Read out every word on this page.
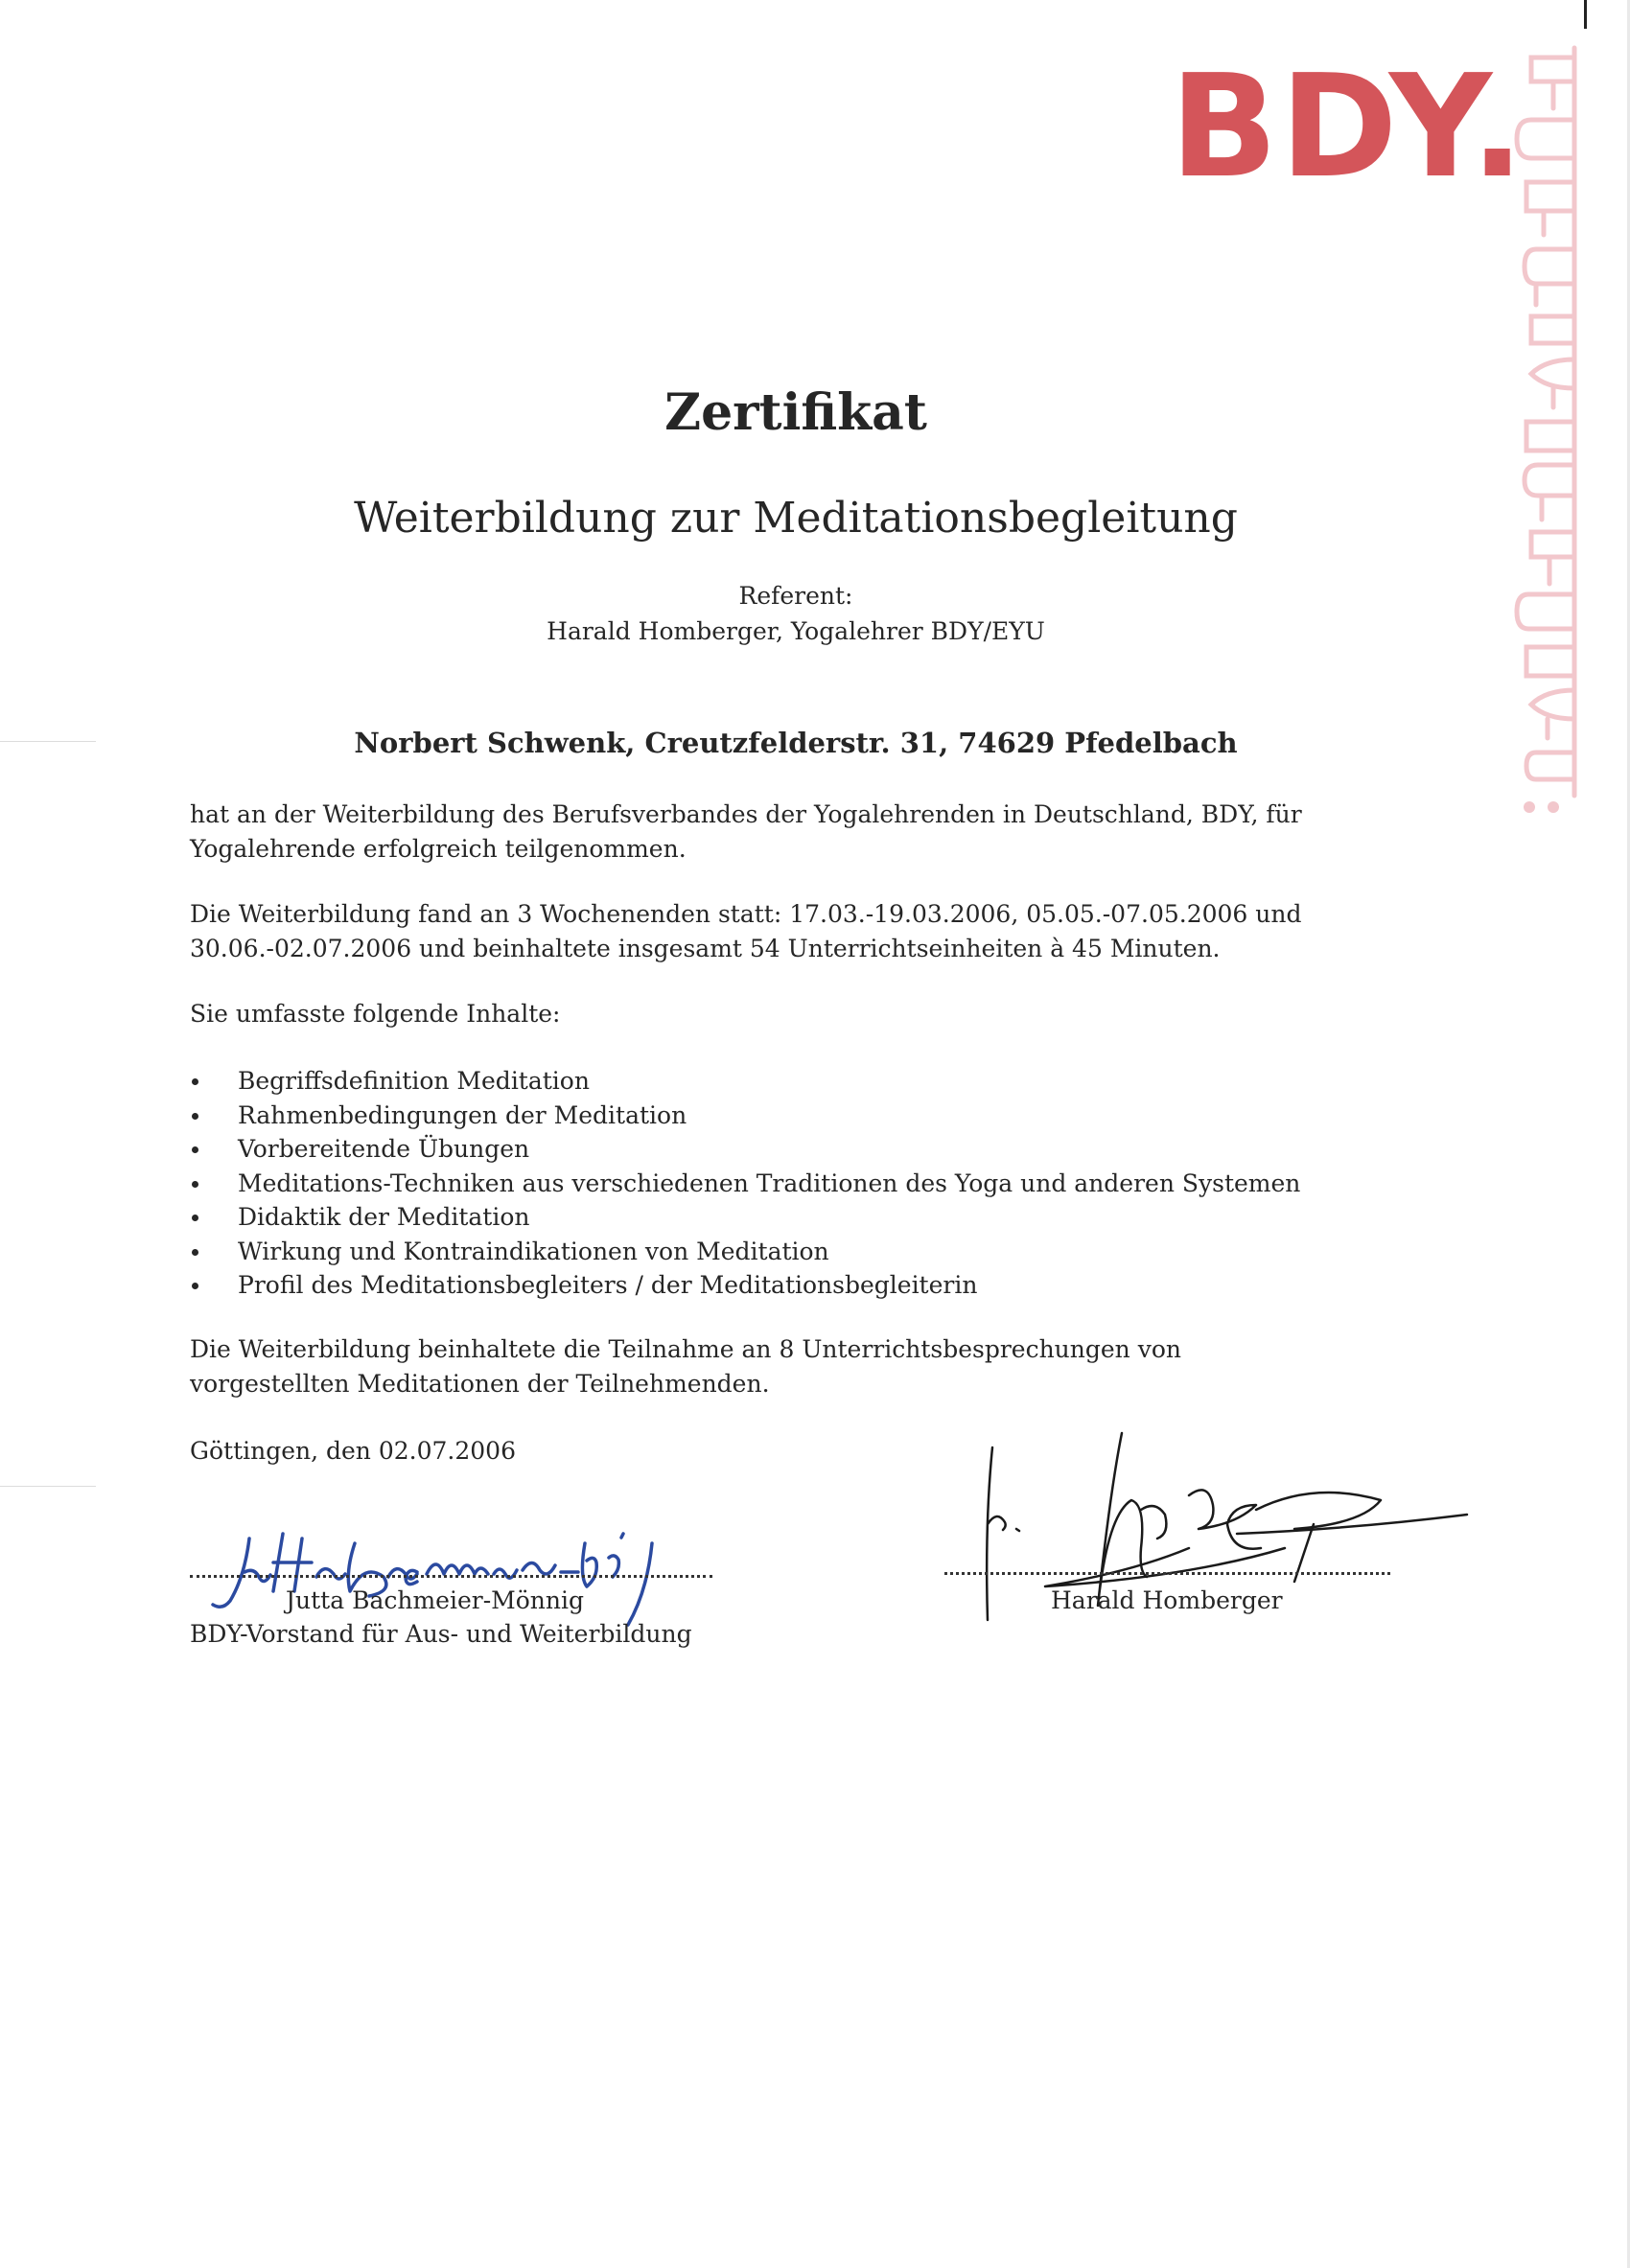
BDY.
Zertifikat
Weiterbildung zur Meditationsbegleitung
Referent:
Harald Homberger, Yogalehrer BDY/EYU
Norbert Schwenk, Creutzfelderstr. 31, 74629 Pfedelbach

hat an der Weiterbildung des Berufsverbandes der Yogalehrenden in Deutschland, BDY, für Yogalehrende erfolgreich teilgenommen.

Die Weiterbildung fand an 3 Wochenenden statt: 17.03.-19.03.2006, 05.05.-07.05.2006 und 30.06.-02.07.2006 und beinhaltete insgesamt 54 Unterrichtseinheiten à 45 Minuten.

Sie umfasste folgende Inhalte:

Begriffsdefinition Meditation
Rahmenbedingungen der Meditation
Vorbereitende Übungen
Meditations-Techniken aus verschiedenen Traditionen des Yoga und anderen Systemen
Didaktik der Meditation
Wirkung und Kontraindikationen von Meditation
Profil des Meditationsbegleiters / der Meditationsbegleiterin

Die Weiterbildung beinhaltete die Teilnahme an 8 Unterrichtsbesprechungen von vorgestellten Meditationen der Teilnehmenden.

Göttingen, den 02.07.2006

Jutta Bachmeier-Mönnig
BDY-Vorstand für Aus- und Weiterbildung
Harald Homberger
